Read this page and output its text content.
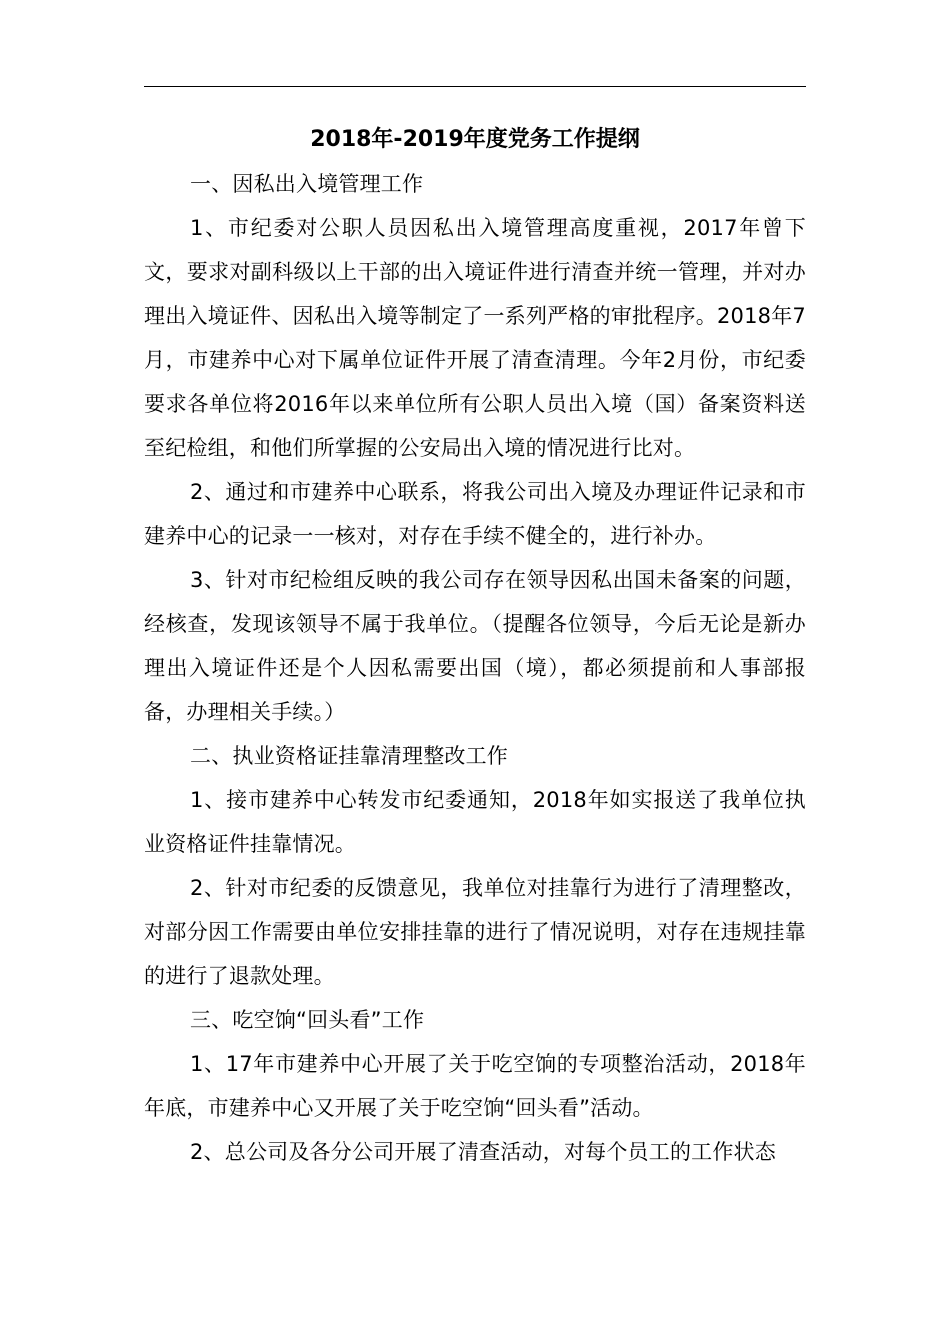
2018年-2019年度党务工作提纲

一、因私出入境管理工作

1、市纪委对公职人员因私出入境管理高度重视，2017年曾下文，要求对副科级以上干部的出入境证件进行清查并统一管理，并对办理出入境证件、因私出入境等制定了一系列严格的审批程序。2018年7月，市建养中心对下属单位证件开展了清查清理。今年2月份，市纪委要求各单位将2016年以来单位所有公职人员出入境（国）备案资料送至纪检组，和他们所掌握的公安局出入境的情况进行比对。

2、通过和市建养中心联系，将我公司出入境及办理证件记录和市建养中心的记录一一核对，对存在手续不健全的，进行补办。

3、针对市纪检组反映的我公司存在领导因私出国未备案的问题，经核查，发现该领导不属于我单位。（提醒各位领导，今后无论是新办理出入境证件还是个人因私需要出国（境），都必须提前和人事部报备，办理相关手续。）

二、执业资格证挂靠清理整改工作

1、接市建养中心转发市纪委通知，2018年如实报送了我单位执业资格证件挂靠情况。

2、针对市纪委的反馈意见，我单位对挂靠行为进行了清理整改，对部分因工作需要由单位安排挂靠的进行了情况说明，对存在违规挂靠的进行了退款处理。

三、吃空饷“回头看”工作

1、17年市建养中心开展了关于吃空饷的专项整治活动，2018年年底，市建养中心又开展了关于吃空饷“回头看”活动。

2、总公司及各分公司开展了清查活动，对每个员工的工作状态
